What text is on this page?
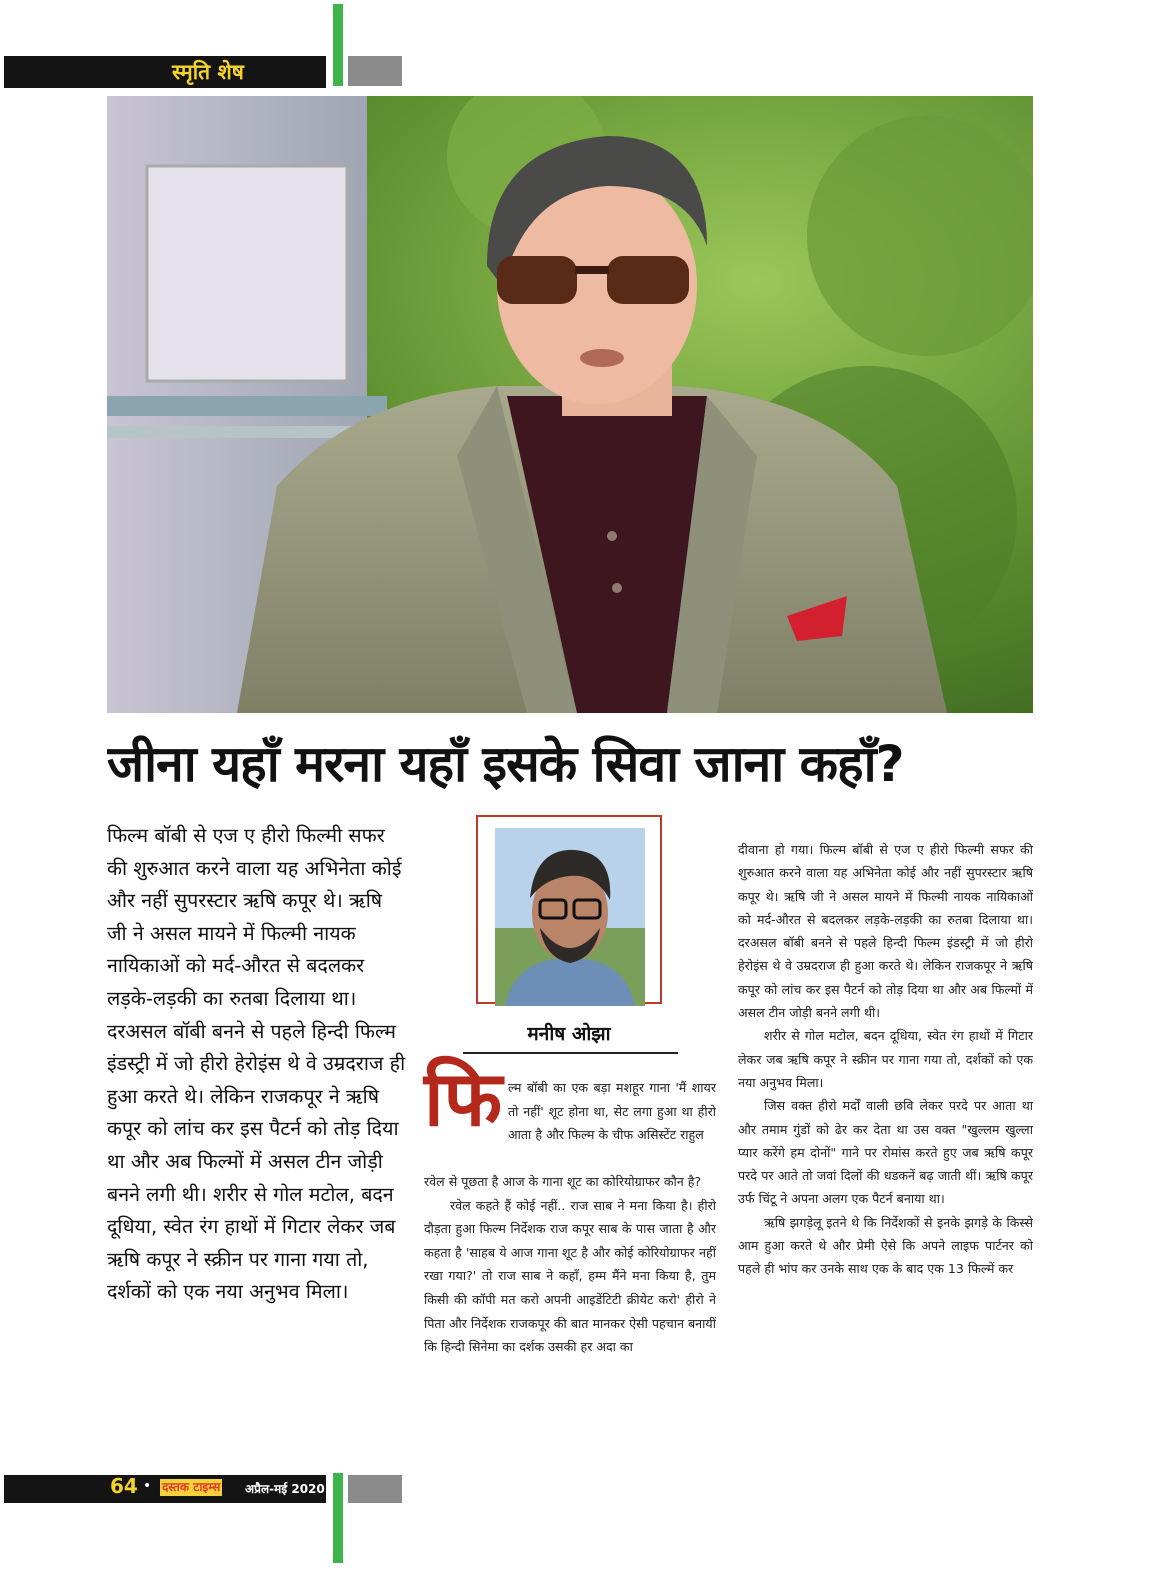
स्मृति शेष
जीना यहाँ मरना यहाँ इसके सिवा जाना कहाँ?
फिल्म बॉबी से एज ए हीरो फिल्मी सफर की शुरुआत करने वाला यह अभिनेता कोई और नहीं सुपरस्टार ऋषि कपूर थे। ऋषि जी ने असल मायने में फिल्मी नायक नायिकाओं को मर्द-औरत से बदलकर लड़के-लड़की का रुतबा दिलाया था। दरअसल बॉबी बनने से पहले हिन्दी फिल्म इंडस्ट्री में जो हीरो हेरोइंस थे वे उम्रदराज ही हुआ करते थे। लेकिन राजकपूर ने ऋषि कपूर को लांच कर इस पैटर्न को तोड़ दिया था और अब फिल्मों में असल टीन जोड़ी बनने लगी थी। शरीर से गोल मटोल, बदन दूधिया, स्वेत रंग हाथों में गिटार लेकर जब ऋषि कपूर ने स्क्रीन पर गाना गया तो, दर्शकों को एक नया अनुभव मिला।
मनीष ओझा
फि ल्म बॉबी का एक बड़ा मशहूर गाना 'मैं शायर तो नहीं' शूट होना था, सेट लगा हुआ था हीरो आता है और फिल्म के चीफ असिस्टेंट राहुल

रवेल से पूछता है आज के गाना शूट का कोरियोग्राफर कौन है?

रवेल कहते हैं कोई नहीं.. राज साब ने मना किया है। हीरो दौड़ता हुआ फिल्म निर्देशक राज कपूर साब के पास जाता है और कहता है 'साहब ये आज गाना शूट है और कोई कोरियोग्राफर नहीं रखा गया?' तो राज साब ने कहाँ, हम्म मैंने मना किया है, तुम किसी की कॉपी मत करो अपनी आइडेंटिटी क्रीयेट करो' हीरो ने पिता और निर्देशक राजकपूर की बात मानकर ऐसी पहचान बनायीं कि हिन्दी सिनेमा का दर्शक उसकी हर अदा का

दीवाना हो गया। फिल्म बॉबी से एज ए हीरो फिल्मी सफर की शुरुआत करने वाला यह अभिनेता कोई और नहीं सुपरस्टार ऋषि कपूर थे। ऋषि जी ने असल मायने में फिल्मी नायक नायिकाओं को मर्द-औरत से बदलकर लड़के-लड़की का रुतबा दिलाया था। दरअसल बॉबी बनने से पहले हिन्दी फिल्म इंडस्ट्री में जो हीरो हेरोइंस थे वे उम्रदराज ही हुआ करते थे। लेकिन राजकपूर ने ऋषि कपूर को लांच कर इस पैटर्न को तोड़ दिया था और अब फिल्मों में असल टीन जोड़ी बनने लगी थी।

शरीर से गोल मटोल, बदन दूधिया, स्वेत रंग हाथों में गिटार लेकर जब ऋषि कपूर ने स्क्रीन पर गाना गया तो, दर्शकों को एक नया अनुभव मिला।

जिस वक्त हीरो मर्दों वाली छवि लेकर परदे पर आता था और तमाम गुंडों को ढेर कर देता था उस वक्त "खुल्लम खुल्ला प्यार करेंगे हम दोनों" गाने पर रोमांस करते हुए जब ऋषि कपूर परदे पर आते तो जवां दिलों की धडकनें बढ़ जाती थीं। ऋषि कपूर उर्फ चिंटू ने अपना अलग एक पैटर्न बनाया था।

ऋषि झगड़ेलू इतने थे कि निर्देशकों से इनके झगड़े के किस्से आम हुआ करते थे और प्रेमी ऐसे कि अपने लाइफ पार्टनर को पहले ही भांप कर उनके साथ एक के बाद एक 13 फिल्में कर

64 • दस्तक टाइम्स अप्रैल-मई 2020
